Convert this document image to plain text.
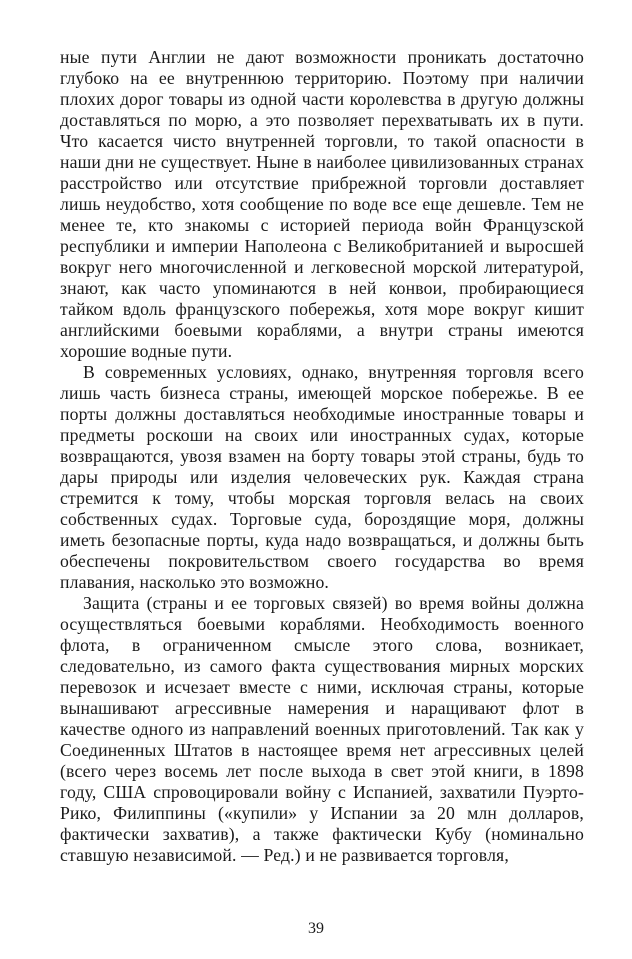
ные пути Англии не дают возможности проникать достаточно глубоко на ее внутреннюю территорию. Поэтому при наличии плохих дорог товары из одной части королевства в другую должны доставляться по морю, а это позволяет перехватывать их в пути. Что касается чисто внутренней торговли, то такой опасности в наши дни не существует. Ныне в наиболее цивилизованных странах расстройство или отсутствие прибрежной торговли доставляет лишь неудобство, хотя сообщение по воде все еще дешевле. Тем не менее те, кто знакомы с историей периода войн Французской республики и империи Наполеона с Великобританией и выросшей вокруг него многочисленной и легковесной морской литературой, знают, как часто упоминаются в ней конвои, пробирающиеся тайком вдоль французского побережья, хотя море вокруг кишит английскими боевыми кораблями, а внутри страны имеются хорошие водные пути.

В современных условиях, однако, внутренняя торговля всего лишь часть бизнеса страны, имеющей морское побережье. В ее порты должны доставляться необходимые иностранные товары и предметы роскоши на своих или иностранных судах, которые возвращаются, увозя взамен на борту товары этой страны, будь то дары природы или изделия человеческих рук. Каждая страна стремится к тому, чтобы морская торговля велась на своих собственных судах. Торговые суда, бороздящие моря, должны иметь безопасные порты, куда надо возвращаться, и должны быть обеспечены покровительством своего государства во время плавания, насколько это возможно.

Защита (страны и ее торговых связей) во время войны должна осуществляться боевыми кораблями. Необходимость военного флота, в ограниченном смысле этого слова, возникает, следовательно, из самого факта существования мирных морских перевозок и исчезает вместе с ними, исключая страны, которые вынашивают агрессивные намерения и наращивают флот в качестве одного из направлений военных приготовлений. Так как у Соединенных Штатов в настоящее время нет агрессивных целей (всего через восемь лет после выхода в свет этой книги, в 1898 году, США спровоцировали войну с Испанией, захватили Пуэрто-Рико, Филиппины («купили» у Испании за 20 млн долларов, фактически захватив), а также фактически Кубу (номинально ставшую независимой. — Ред.) и не развивается торговля,

39
